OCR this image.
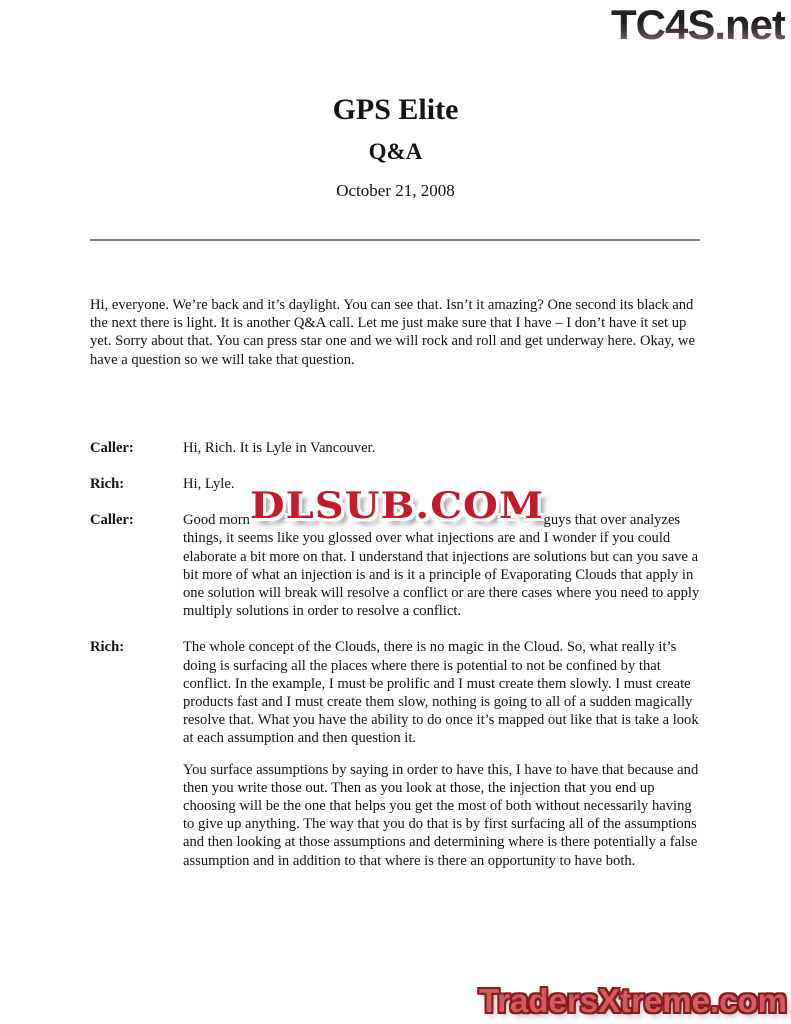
TC4S.net
GPS Elite
Q&A
October 21, 2008

Hi, everyone. We’re back and it’s daylight. You can see that. Isn’t it amazing? One second its black and the next there is light. It is another Q&A call. Let me just make sure that I have – I don’t have it set up yet. Sorry about that. You can press star one and we will rock and roll and get underway here. Okay, we have a question so we will take that question.

Caller:	Hi, Rich. It is Lyle in Vancouver.

Rich:	Hi, Lyle.

Caller:	Good morn DLSUB.COM guys that over analyzes things, it seems like you glossed over what injections are and I wonder if you could elaborate a bit more on that. I understand that injections are solutions but can you save a bit more of what an injection is and is it a principle of Evaporating Clouds that apply in one solution will break will resolve a conflict or are there cases where you need to apply multiply solutions in order to resolve a conflict.

Rich:	The whole concept of the Clouds, there is no magic in the Cloud. So, what really it’s doing is surfacing all the places where there is potential to not be confined by that conflict. In the example, I must be prolific and I must create them slowly. I must create products fast and I must create them slow, nothing is going to all of a sudden magically resolve that. What you have the ability to do once it’s mapped out like that is take a look at each assumption and then question it.

You surface assumptions by saying in order to have this, I have to have that because and then you write those out. Then as you look at those, the injection that you end up choosing will be the one that helps you get the most of both without necessarily having to give up anything. The way that you do that is by first surfacing all of the assumptions and then looking at those assumptions and determining where is there potentially a false assumption and in addition to that where is there an opportunity to have both.

TradersXtreme.com
